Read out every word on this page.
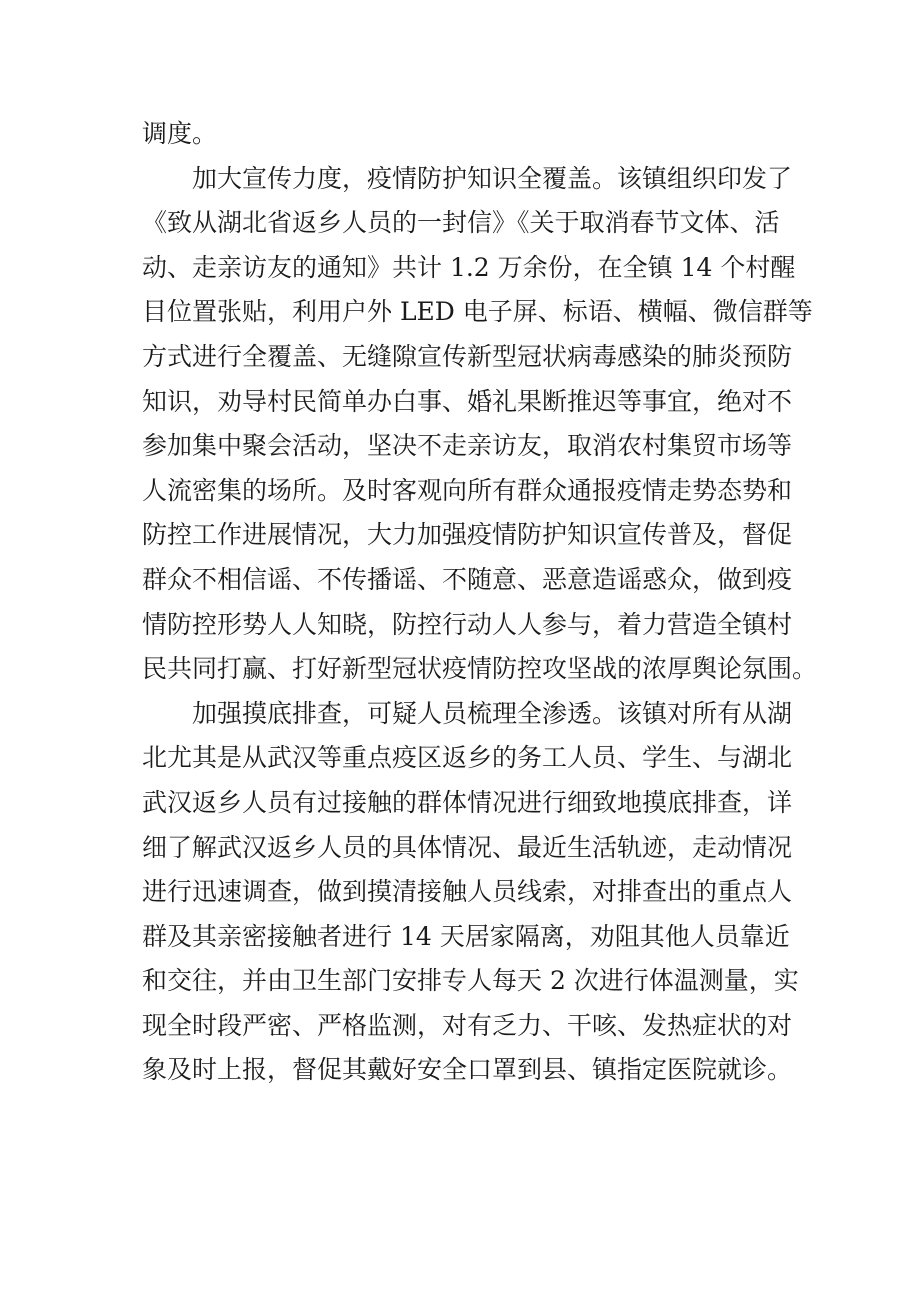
调度。
加大宣传力度，疫情防护知识全覆盖。该镇组织印发了
《致从湖北省返乡人员的一封信》《关于取消春节文体、活
动、走亲访友的通知》共计 1.2 万余份，在全镇 14 个村醒
目位置张贴，利用户外 LED 电子屏、标语、横幅、微信群等
方式进行全覆盖、无缝隙宣传新型冠状病毒感染的肺炎预防
知识，劝导村民简单办白事、婚礼果断推迟等事宜，绝对不
参加集中聚会活动，坚决不走亲访友，取消农村集贸市场等
人流密集的场所。及时客观向所有群众通报疫情走势态势和
防控工作进展情况，大力加强疫情防护知识宣传普及，督促
群众不相信谣、不传播谣、不随意、恶意造谣惑众，做到疫
情防控形势人人知晓，防控行动人人参与，着力营造全镇村
民共同打赢、打好新型冠状疫情防控攻坚战的浓厚舆论氛围。
加强摸底排查，可疑人员梳理全渗透。该镇对所有从湖
北尤其是从武汉等重点疫区返乡的务工人员、学生、与湖北
武汉返乡人员有过接触的群体情况进行细致地摸底排查，详
细了解武汉返乡人员的具体情况、最近生活轨迹，走动情况
进行迅速调查，做到摸清接触人员线索，对排查出的重点人
群及其亲密接触者进行 14 天居家隔离，劝阻其他人员靠近
和交往，并由卫生部门安排专人每天 2 次进行体温测量，实
现全时段严密、严格监测，对有乏力、干咳、发热症状的对
象及时上报，督促其戴好安全口罩到县、镇指定医院就诊。
